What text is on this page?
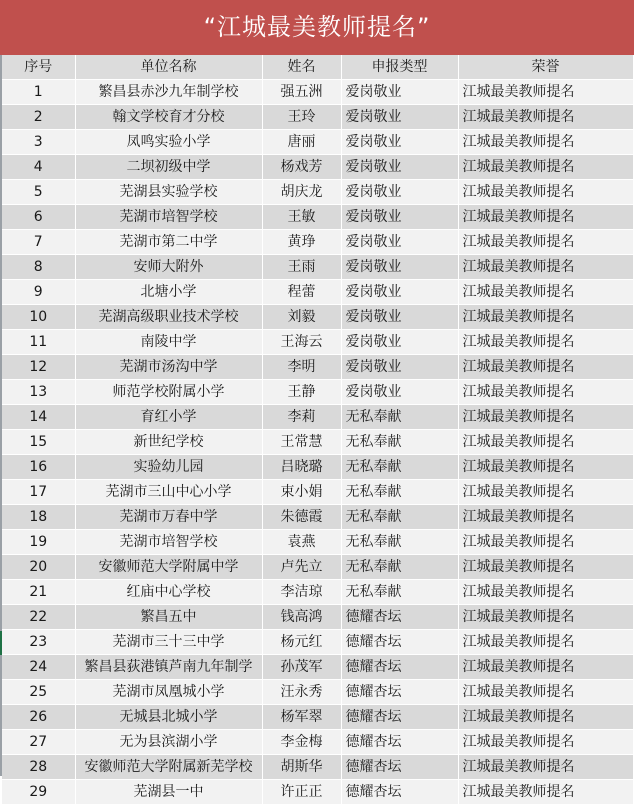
“江城最美教师提名”
序号	单位名称	姓名	申报类型	荣誉
1	繁昌县赤沙九年制学校	强五洲	爱岗敬业	江城最美教师提名
2	翰文学校育才分校	王玲	爱岗敬业	江城最美教师提名
3	凤鸣实验小学	唐丽	爱岗敬业	江城最美教师提名
4	二坝初级中学	杨戏芳	爱岗敬业	江城最美教师提名
5	芜湖县实验学校	胡庆龙	爱岗敬业	江城最美教师提名
6	芜湖市培智学校	王敏	爱岗敬业	江城最美教师提名
7	芜湖市第二中学	黄琤	爱岗敬业	江城最美教师提名
8	安师大附外	王雨	爱岗敬业	江城最美教师提名
9	北塘小学	程蕾	爱岗敬业	江城最美教师提名
10	芜湖高级职业技术学校	刘毅	爱岗敬业	江城最美教师提名
11	南陵中学	王海云	爱岗敬业	江城最美教师提名
12	芜湖市汤沟中学	李明	爱岗敬业	江城最美教师提名
13	师范学校附属小学	王静	爱岗敬业	江城最美教师提名
14	育红小学	李莉	无私奉献	江城最美教师提名
15	新世纪学校	王常慧	无私奉献	江城最美教师提名
16	实验幼儿园	吕晓璐	无私奉献	江城最美教师提名
17	芜湖市三山中心小学	束小娟	无私奉献	江城最美教师提名
18	芜湖市万春中学	朱德霞	无私奉献	江城最美教师提名
19	芜湖市培智学校	袁燕	无私奉献	江城最美教师提名
20	安徽师范大学附属中学	卢先立	无私奉献	江城最美教师提名
21	红庙中心学校	李洁琼	无私奉献	江城最美教师提名
22	繁昌五中	钱高鸿	德耀杏坛	江城最美教师提名
23	芜湖市三十三中学	杨元红	德耀杏坛	江城最美教师提名
24	繁昌县荻港镇芦南九年制学	孙茂军	德耀杏坛	江城最美教师提名
25	芜湖市凤凰城小学	汪永秀	德耀杏坛	江城最美教师提名
26	无城县北城小学	杨军翠	德耀杏坛	江城最美教师提名
27	无为县滨湖小学	李金梅	德耀杏坛	江城最美教师提名
28	安徽师范大学附属新芜学校	胡斯华	德耀杏坛	江城最美教师提名
29	芜湖县一中	许正正	德耀杏坛	江城最美教师提名
